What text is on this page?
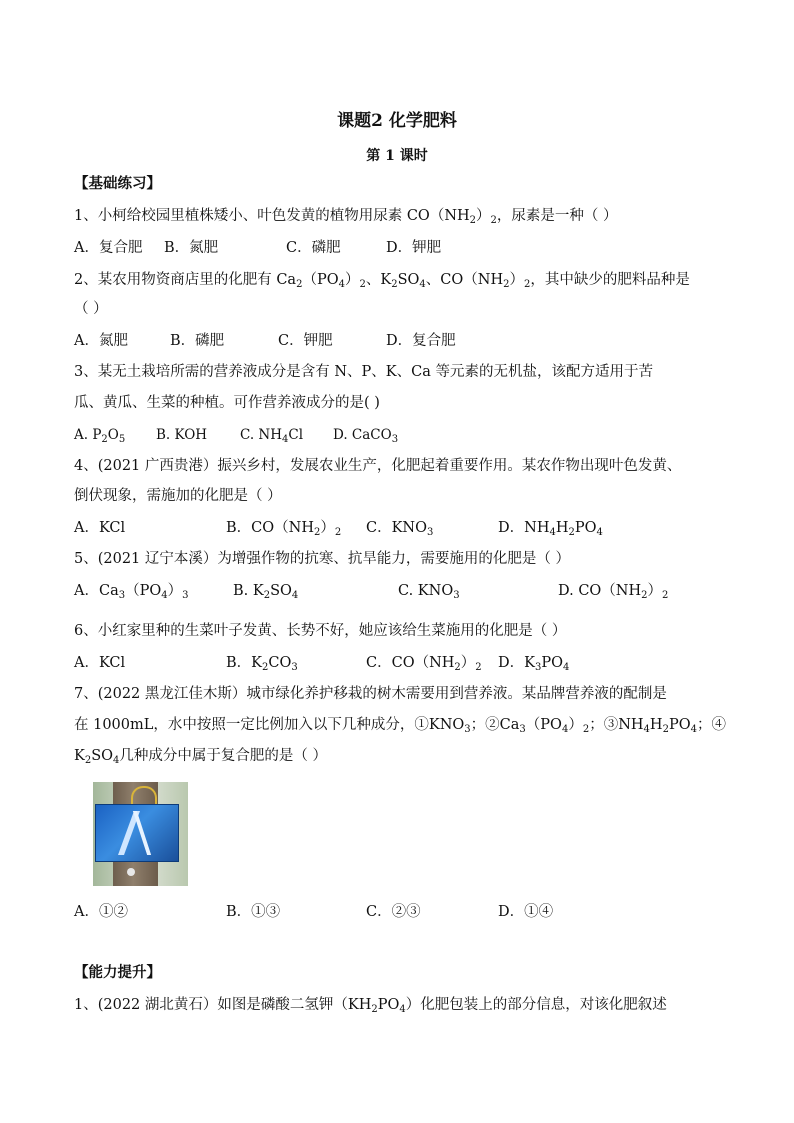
课题2 化学肥料
第 1 课时
【基础练习】
1、小柯给校园里植株矮小、叶色发黄的植物用尿素 $CO(NH_2)_2$，尿素是一种（ ）
A．复合肥 B．氮肥	C．磷肥	D．钾肥
2、某农用物资商店里的化肥有 $Ca_2(PO_4)_2$、$K_2SO_4$、$CO(NH_2)_2$，其中缺少的肥料品种是
（ ）
A．氮肥	B．磷肥	C．钾肥	D．复合肥
3、某无土栽培所需的营养液成分是含有 N、P、K、Ca 等元素的无机盐，该配方适用于苦
瓜、黄瓜、生菜的种植。可作营养液成分的是( )
A. $P_2O_5$ B. KOH C. $NH_4Cl$ D. CaCO$_3$
4、(2021 广西贵港）振兴乡村，发展农业生产，化肥起着重要作用。某农作物出现叶色发黄、
倒伏现象，需施加的化肥是（ ）
A．KCl	B．$CO(NH_2)_2$ C．$KNO_3$	D．$NH_4H_2PO_4$
5、(2021 辽宁本溪）为增强作物的抗寒、抗旱能力，需要施用的化肥是（ ）
A．$Ca_3(PO_4)_3$	B. $K_2SO_4$	C. $KNO_3$	D. $CO(NH_2)_2$
6、小红家里种的生菜叶子发黄、长势不好，她应该给生菜施用的化肥是（ ）
A．KCl	B．$K_2CO_3$	C．$CO(NH_2)_2$ D．$K_3PO_4$
7、(2022 黑龙江佳木斯）城市绿化养护移栽的树木需要用到营养液。某品牌营养液的配制是
在 1000mL，水中按照一定比例加入以下几种成分，$①KNO_3$；$②Ca_3(PO_4)_2$；$③NH_4H_2PO_4$；④
$K_2SO_4$几种成分中属于复合肥的是（ ）
A．①②	B．①③	C．②③	D．①④
【能力提升】
1、(2022 湖北黄石）如图是磷酸二氢钾$(KH_2PO_4)$化肥包装上的部分信息，对该化肥叙述
